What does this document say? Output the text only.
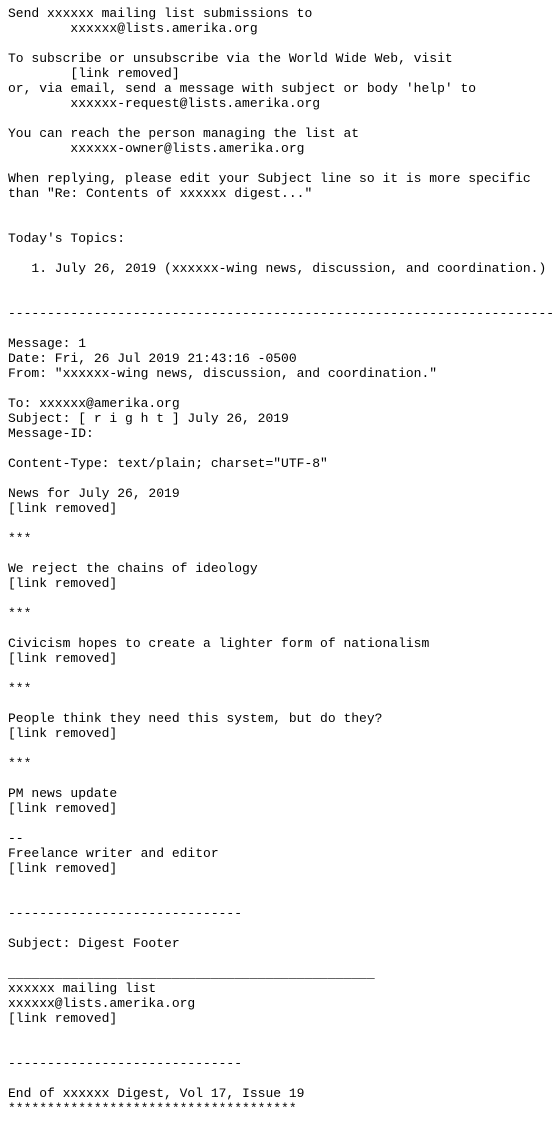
Send xxxxxx mailing list submissions to
xxxxxx@lists.amerika.org
To subscribe or unsubscribe via the World Wide Web, visit
[link removed]
or, via email, send a message with subject or body 'help' to
xxxxxx-request@lists.amerika.org
You can reach the person managing the list at
xxxxxx-owner@lists.amerika.org
When replying, please edit your Subject line so it is more specific
than "Re: Contents of xxxxxx digest..."
Today's Topics:
1. July 26, 2019 (xxxxxx-wing news, discussion, and coordination.)
----------------------------------------------------------------------
Message: 1
Date: Fri, 26 Jul 2019 21:43:16 -0500
From: "xxxxxx-wing news, discussion, and coordination."
To: xxxxxx@amerika.org
Subject: [ r i g h t ] July 26, 2019
Message-ID:
Content-Type: text/plain; charset="UTF-8"
News for July 26, 2019
[link removed]
***
We reject the chains of ideology
[link removed]
***
Civicism hopes to create a lighter form of nationalism
[link removed]
***
People think they need this system, but do they?
[link removed]
***
PM news update
[link removed]
--
Freelance writer and editor
[link removed]
------------------------------
Subject: Digest Footer
_______________________________________________
xxxxxx mailing list
xxxxxx@lists.amerika.org
[link removed]
------------------------------
End of xxxxxx Digest, Vol 17, Issue 19
*************************************
